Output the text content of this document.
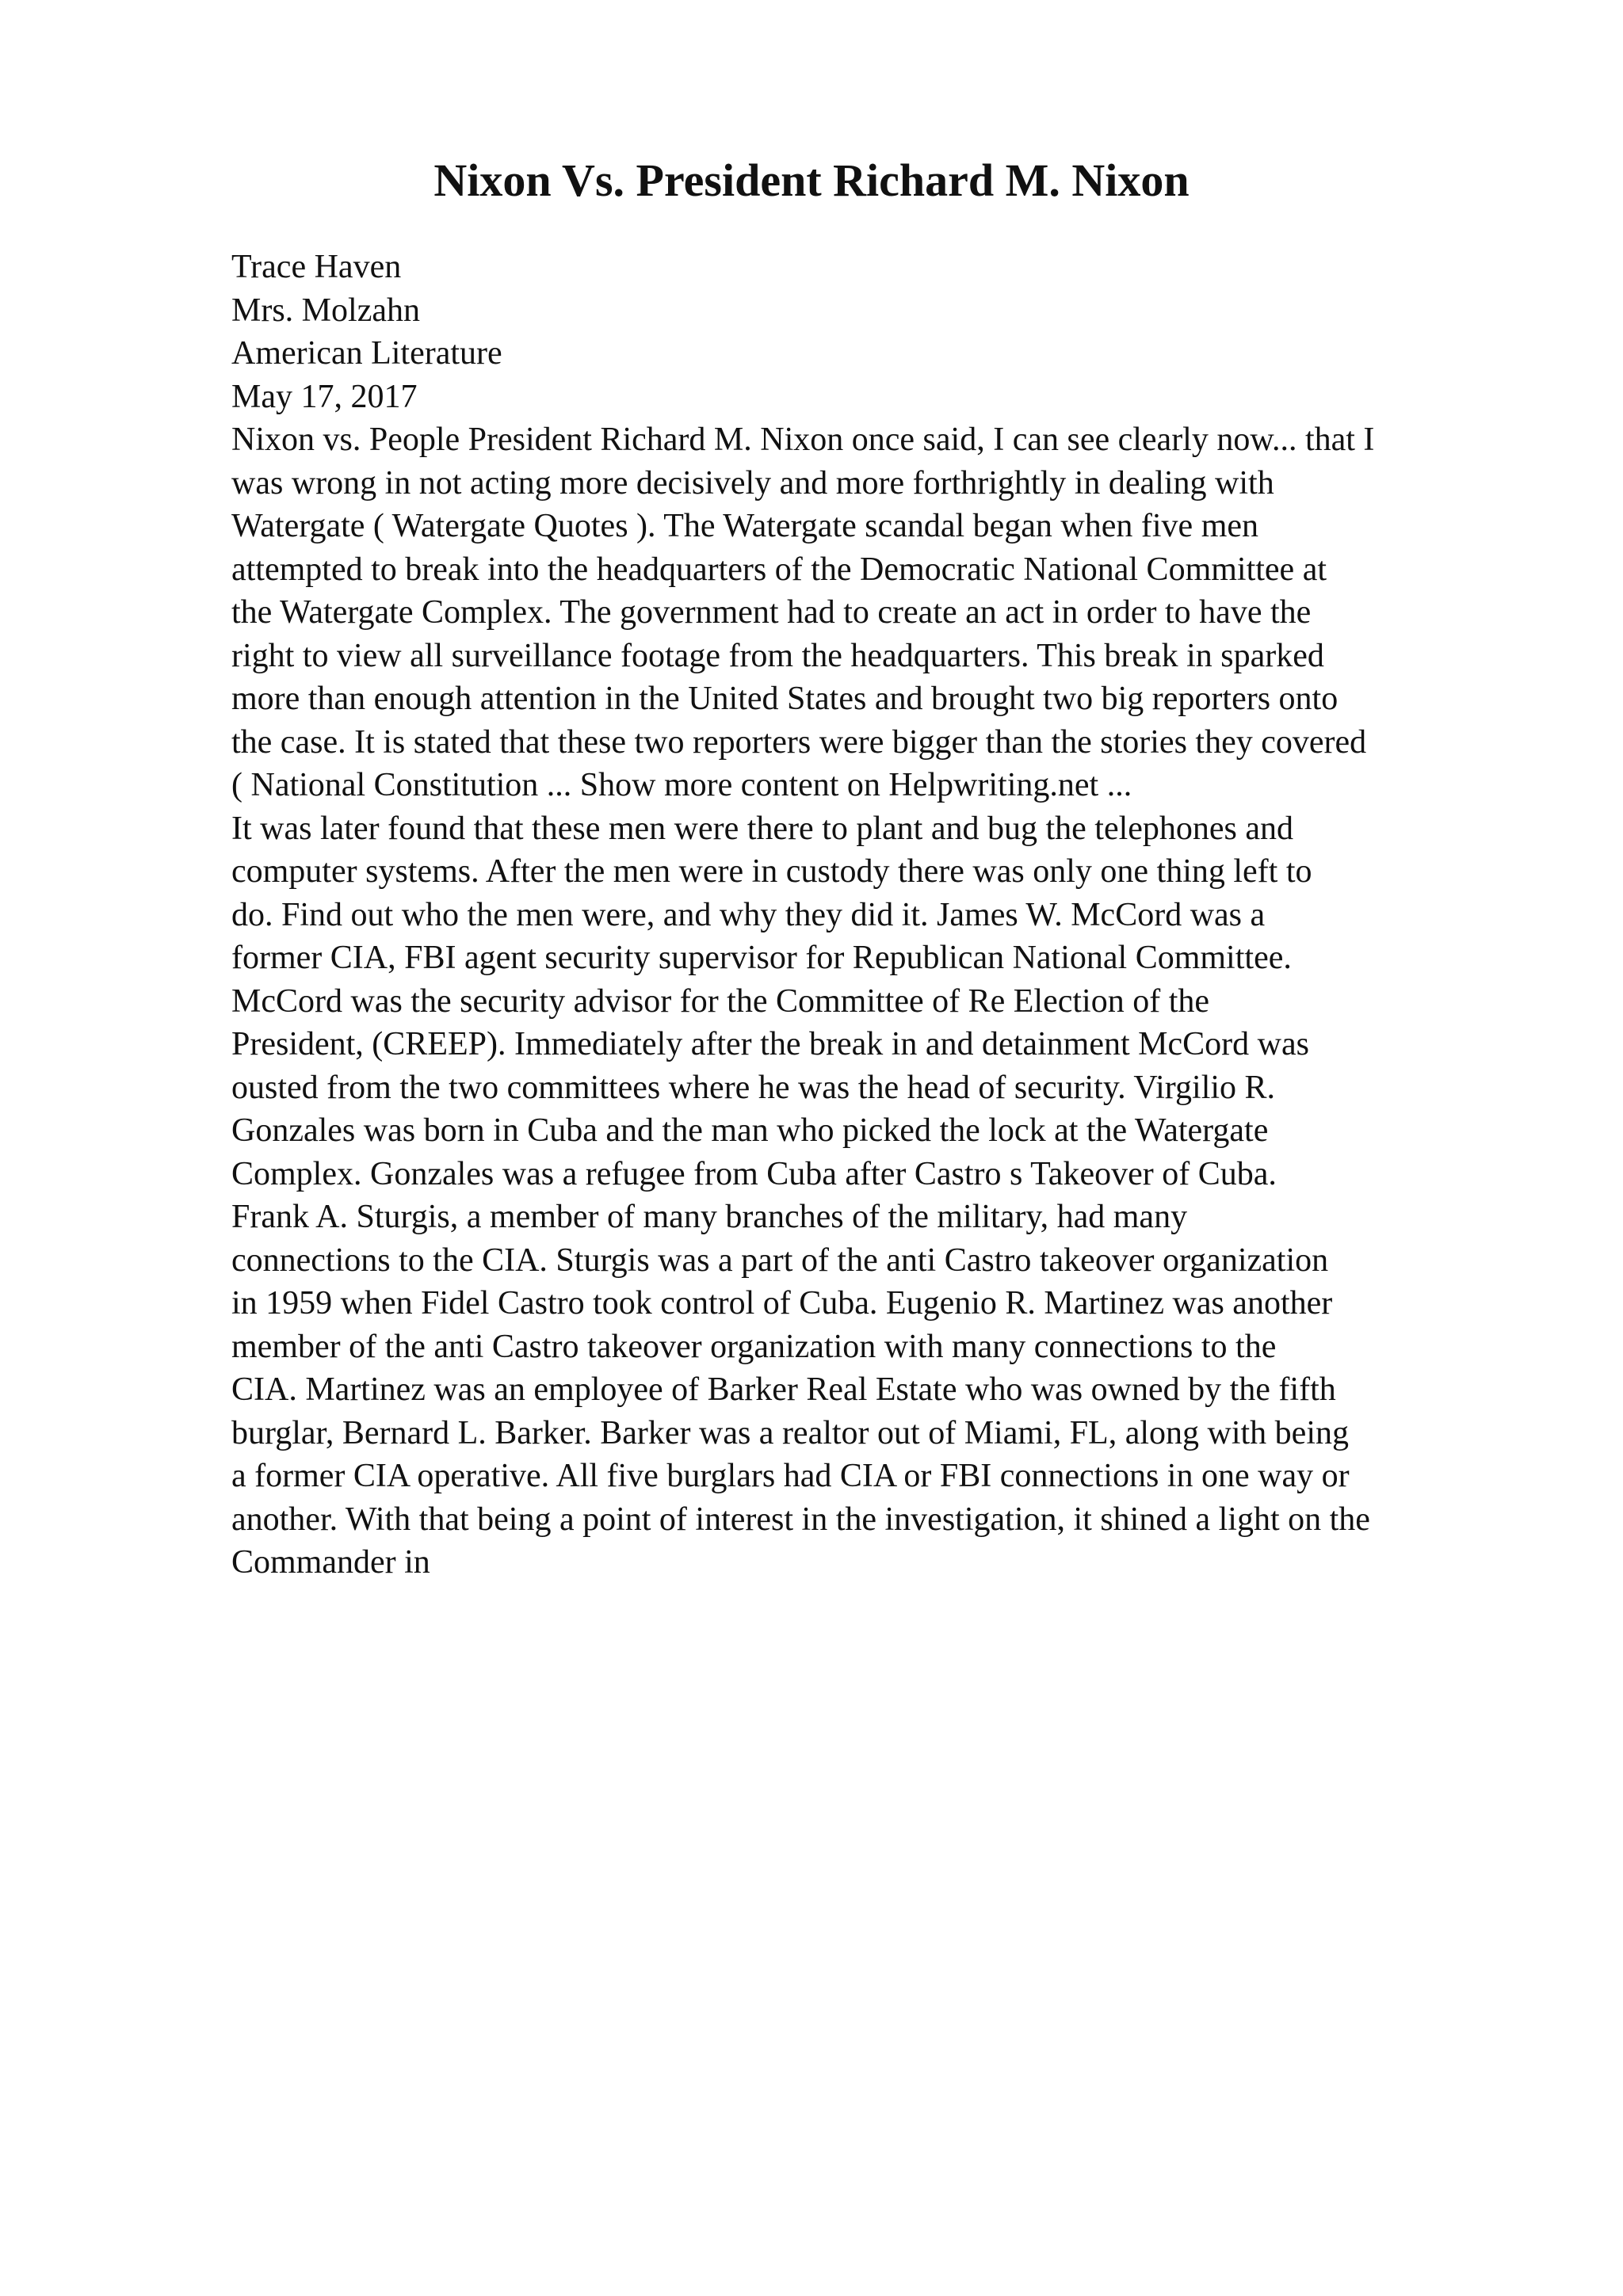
Nixon Vs. President Richard M. Nixon
Trace Haven
Mrs. Molzahn
American Literature
May 17, 2017
Nixon vs. People President Richard M. Nixon once said, I can see clearly now... that I
was wrong in not acting more decisively and more forthrightly in dealing with
Watergate ( Watergate Quotes ). The Watergate scandal began when five men
attempted to break into the headquarters of the Democratic National Committee at
the Watergate Complex. The government had to create an act in order to have the
right to view all surveillance footage from the headquarters. This break in sparked
more than enough attention in the United States and brought two big reporters onto
the case. It is stated that these two reporters were bigger than the stories they covered
( National Constitution ... Show more content on Helpwriting.net ...
It was later found that these men were there to plant and bug the telephones and
computer systems. After the men were in custody there was only one thing left to
do. Find out who the men were, and why they did it. James W. McCord was a
former CIA, FBI agent security supervisor for Republican National Committee.
McCord was the security advisor for the Committee of Re Election of the
President, (CREEP). Immediately after the break in and detainment McCord was
ousted from the two committees where he was the head of security. Virgilio R.
Gonzales was born in Cuba and the man who picked the lock at the Watergate
Complex. Gonzales was a refugee from Cuba after Castro s Takeover of Cuba.
Frank A. Sturgis, a member of many branches of the military, had many
connections to the CIA. Sturgis was a part of the anti Castro takeover organization
in 1959 when Fidel Castro took control of Cuba. Eugenio R. Martinez was another
member of the anti Castro takeover organization with many connections to the
CIA. Martinez was an employee of Barker Real Estate who was owned by the fifth
burglar, Bernard L. Barker. Barker was a realtor out of Miami, FL, along with being
a former CIA operative. All five burglars had CIA or FBI connections in one way or
another. With that being a point of interest in the investigation, it shined a light on the
Commander in
